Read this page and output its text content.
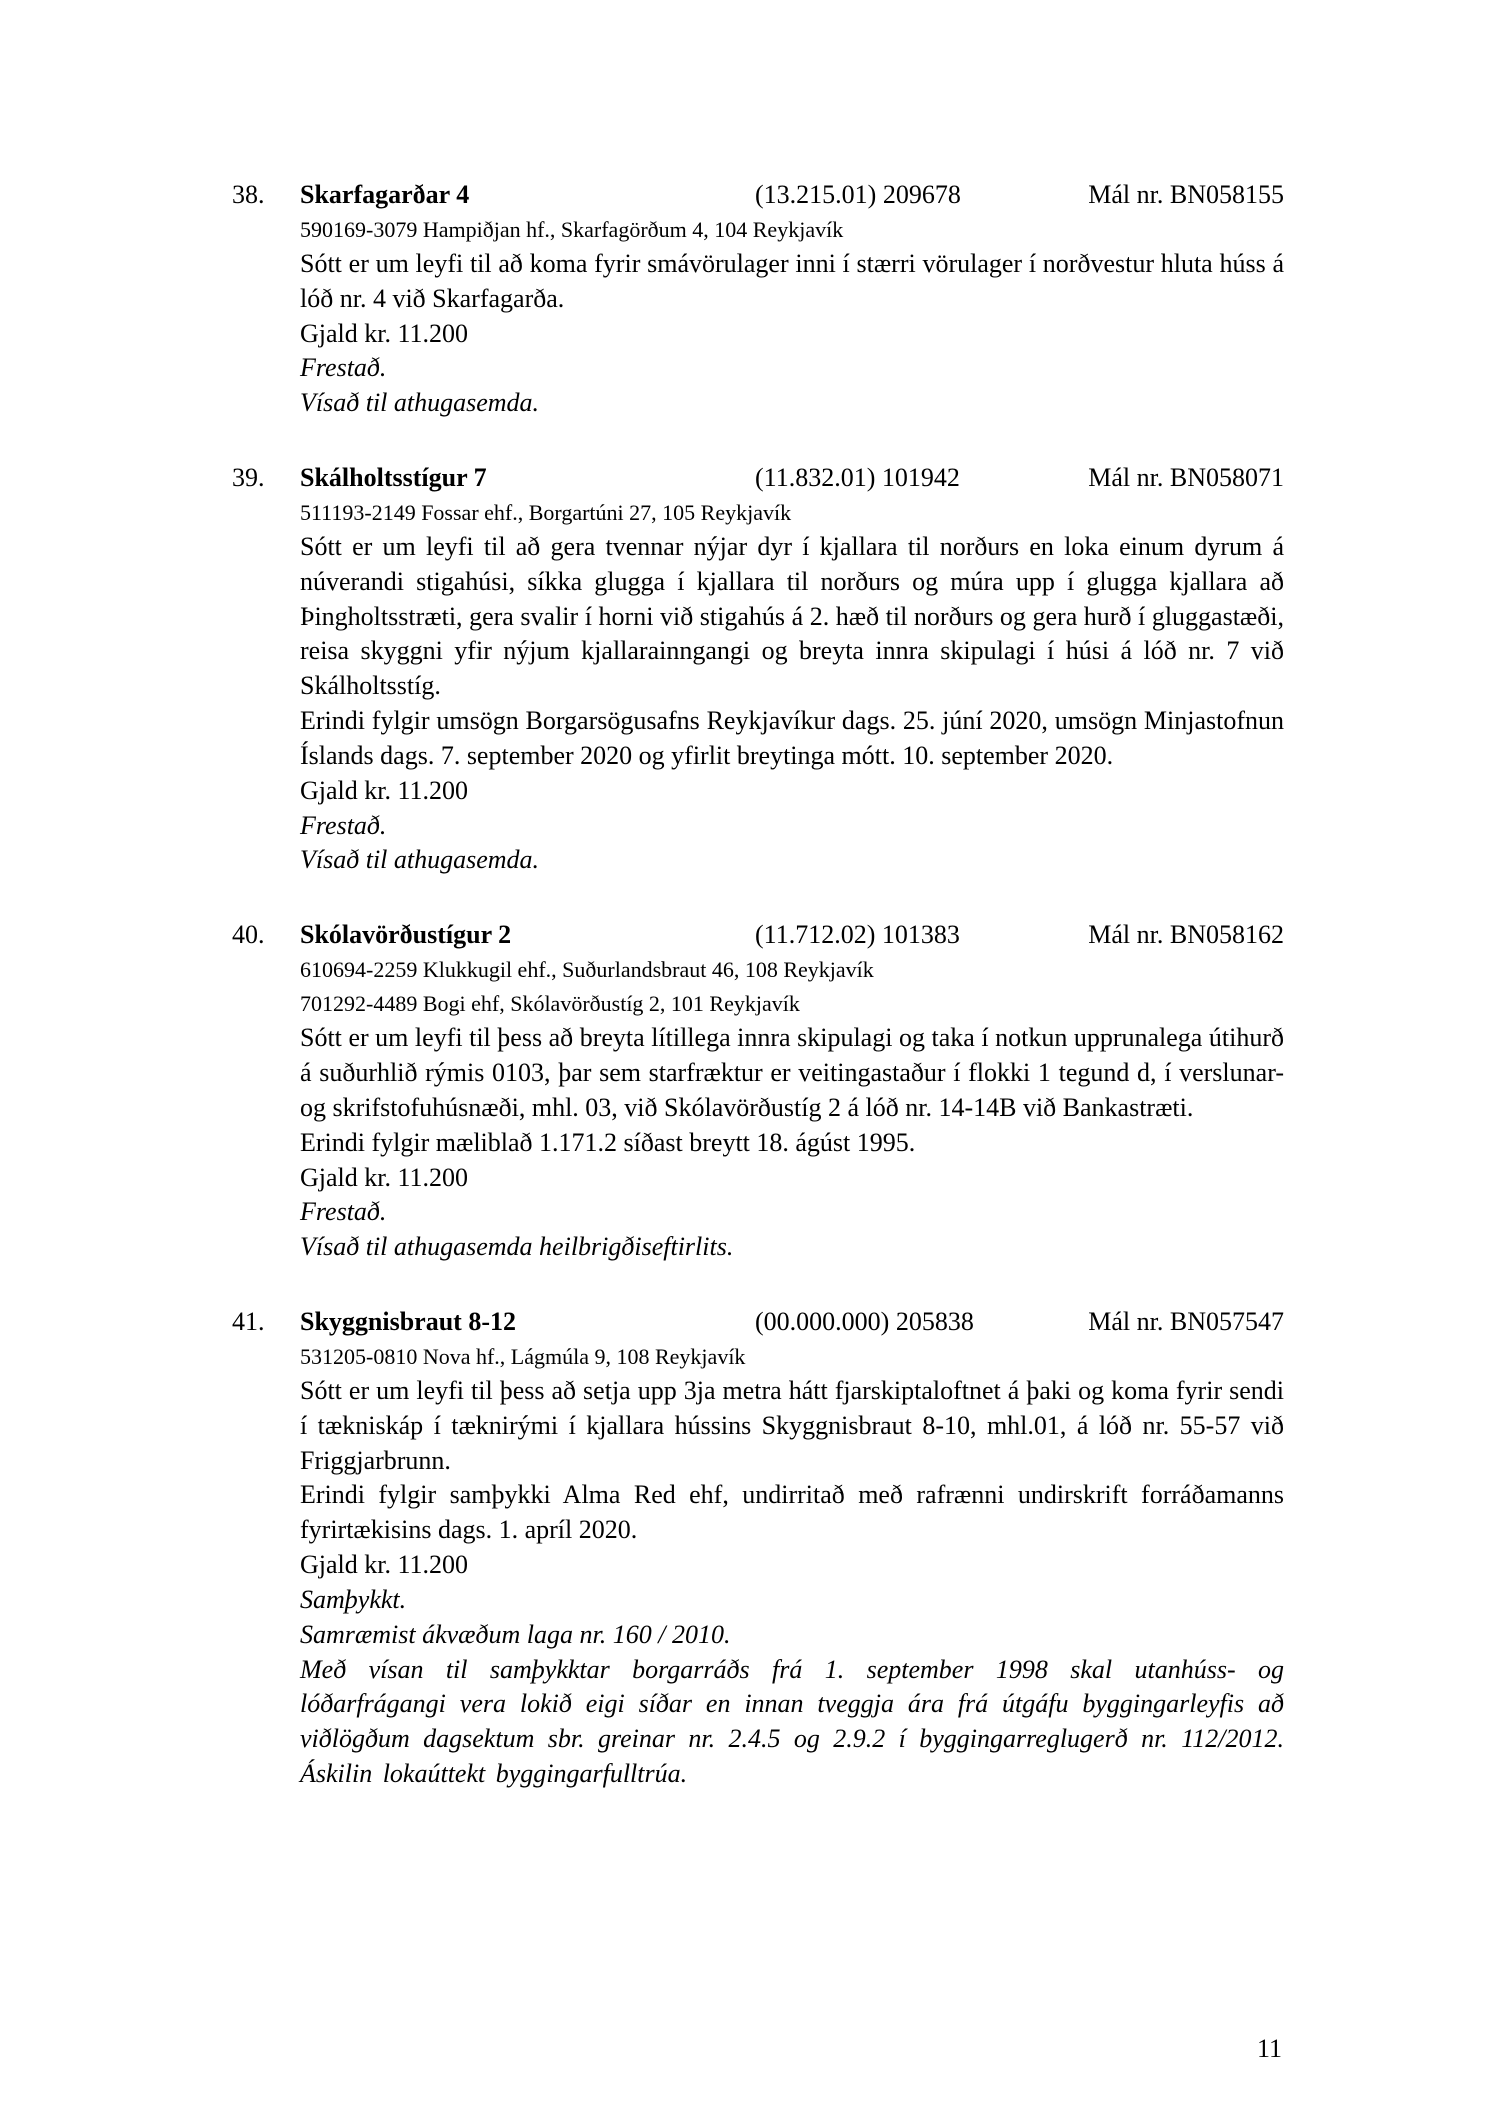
38. Skarfagarðar 4	(13.215.01) 209678	Mál nr. BN058155
590169-3079 Hampiðjan hf., Skarfagörðum 4, 104 Reykjavík

Sótt er um leyfi til að koma fyrir smávörulager inni í stærri vörulager í norðvestur hluta húss á lóð nr. 4 við Skarfagarða.

Gjald kr. 11.200
Frestað.
Vísað til athugasemda.
39. Skálholtsstígur 7	(11.832.01) 101942	Mál nr. BN058071
511193-2149 Fossar ehf., Borgartúni 27, 105 Reykjavík

Sótt er um leyfi til að gera tvennar nýjar dyr í kjallara til norðurs en loka einum dyrum á núverandi stigahúsi, síkka glugga í kjallara til norðurs og múra upp í glugga kjallara að Þingholtsstræti, gera svalir í horni við stigahús á 2. hæð til norðurs og gera hurð í gluggastæði, reisa skyggni yfir nýjum kjallarainngangi og breyta innra skipulagi í húsi á lóð nr. 7 við Skálholtsstíg.

Erindi fylgir umsögn Borgarsögusafns Reykjavíkur dags. 25. júní 2020, umsögn Minjastofnun Íslands dags. 7. september 2020 og yfirlit breytinga mótt. 10. september 2020.

Gjald kr. 11.200
Frestað.
Vísað til athugasemda.
40. Skólavörðustígur 2	(11.712.02) 101383	Mál nr. BN058162
610694-2259 Klukkugil ehf., Suðurlandsbraut 46, 108 Reykjavík
701292-4489 Bogi ehf, Skólavörðustíg 2, 101 Reykjavík

Sótt er um leyfi til þess að breyta lítillega innra skipulagi og taka í notkun upprunalega útihurð á suðurhlið rýmis 0103, þar sem starfræktur er veitingastaður í flokki 1 tegund d, í verslunar- og skrifstofuhúsnæði, mhl. 03, við Skólavörðustíg 2 á lóð nr. 14-14B við Bankastræti.

Erindi fylgir mæliblað 1.171.2 síðast breytt 18. ágúst 1995.

Gjald kr. 11.200
Frestað.
Vísað til athugasemda heilbrigðiseftirlits.
41. Skyggnisbraut 8-12	(00.000.000) 205838	Mál nr. BN057547
531205-0810 Nova hf., Lágmúla 9, 108 Reykjavík

Sótt er um leyfi til þess að setja upp 3ja metra hátt fjarskiptaloftnet á þaki og koma fyrir sendi í tækniskáp í tæknirými í kjallara hússins Skyggnisbraut 8-10, mhl.01, á lóð nr. 55-57 við Friggjarbrunn.

Erindi fylgir samþykki Alma Red ehf, undirritað með rafrænni undirskrift forráðamanns fyrirtækisins dags. 1. apríl 2020.

Gjald kr. 11.200
Samþykkt.
Samræmist ákvæðum laga nr. 160 / 2010.

Með vísan til samþykktar borgarráðs frá 1. september 1998 skal utanhúss- og lóðarfrágangi vera lokið eigi síðar en innan tveggja ára frá útgáfu byggingarleyfis að viðlögðum dagsektum sbr. greinar nr. 2.4.5 og 2.9.2 í byggingarreglugerð nr. 112/2012. Áskilin lokaúttekt byggingarfulltrúa.

11
